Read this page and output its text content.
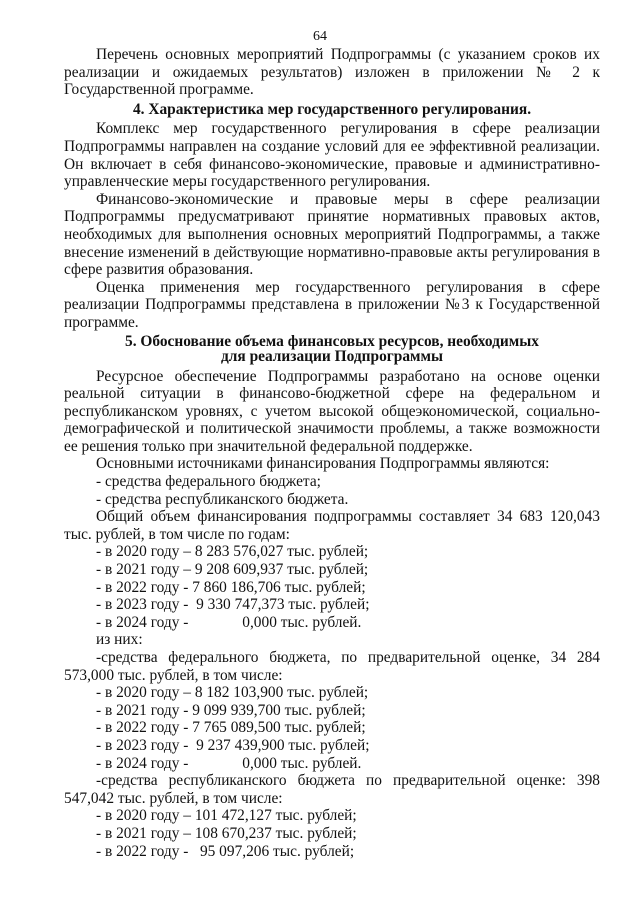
64

Перечень основных мероприятий Подпрограммы (с указанием сроков их реализации и ожидаемых результатов) изложен в приложении № 2 к Государственной программе.

4. Характеристика мер государственного регулирования.

Комплекс мер государственного регулирования в сфере реализации Подпрограммы направлен на создание условий для ее эффективной реализации. Он включает в себя финансово-экономические, правовые и административно-управленческие меры государственного регулирования.

Финансово-экономические и правовые меры в сфере реализации Подпрограммы предусматривают принятие нормативных правовых актов, необходимых для выполнения основных мероприятий Подпрограммы, а также внесение изменений в действующие нормативно-правовые акты регулирования в сфере развития образования.

Оценка применения мер государственного регулирования в сфере реализации Подпрограммы представлена в приложении №3 к Государственной программе.

5. Обоснование объема финансовых ресурсов, необходимых
для реализации Подпрограммы

Ресурсное обеспечение Подпрограммы разработано на основе оценки реальной ситуации в финансово-бюджетной сфере на федеральном и республиканском уровнях, с учетом высокой общеэкономической, социально-демографической и политической значимости проблемы, а также возможности ее решения только при значительной федеральной поддержке.

Основными источниками финансирования Подпрограммы являются:

- средства федерального бюджета;

- средства республиканского бюджета.

Общий объем финансирования подпрограммы составляет 34 683 120,043 тыс. рублей, в том числе по годам:

- в 2020 году – 8 283 576,027 тыс. рублей;

- в 2021 году – 9 208 609,937 тыс. рублей;

- в 2022 году - 7 860 186,706 тыс. рублей;

- в 2023 году -  9 330 747,373 тыс. рублей;

- в 2024 году -              0,000 тыс. рублей.

из них:

-средства федерального бюджета, по предварительной оценке, 34 284 573,000 тыс. рублей, в том числе:

- в 2020 году – 8 182 103,900 тыс. рублей;

- в 2021 году - 9 099 939,700 тыс. рублей;

- в 2022 году - 7 765 089,500 тыс. рублей;

- в 2023 году -  9 237 439,900 тыс. рублей;

- в 2024 году -              0,000 тыс. рублей.

-средства республиканского бюджета по предварительной оценке: 398 547,042 тыс. рублей, в том числе:

- в 2020 году – 101 472,127 тыс. рублей;

- в 2021 году – 108 670,237 тыс. рублей;

- в 2022 году -   95 097,206 тыс. рублей;
